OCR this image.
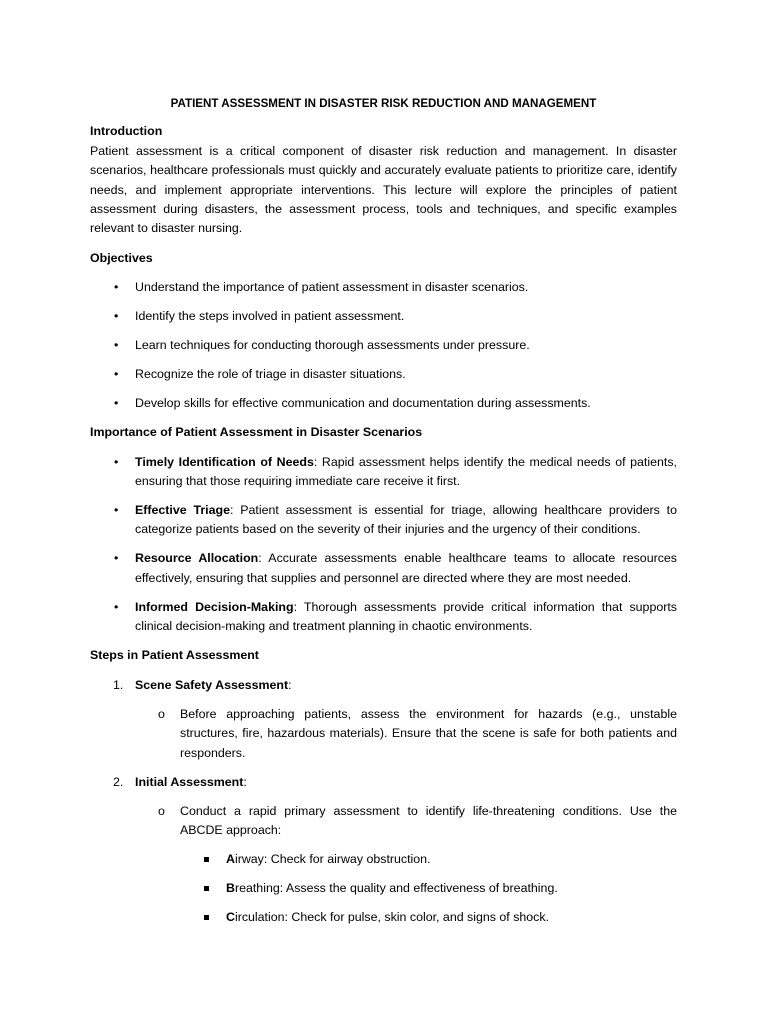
PATIENT ASSESSMENT IN DISASTER RISK REDUCTION AND MANAGEMENT

Introduction

Patient assessment is a critical component of disaster risk reduction and management. In disaster scenarios, healthcare professionals must quickly and accurately evaluate patients to prioritize care, identify needs, and implement appropriate interventions. This lecture will explore the principles of patient assessment during disasters, the assessment process, tools and techniques, and specific examples relevant to disaster nursing.

Objectives

• Understand the importance of patient assessment in disaster scenarios.
• Identify the steps involved in patient assessment.
• Learn techniques for conducting thorough assessments under pressure.
• Recognize the role of triage in disaster situations.
• Develop skills for effective communication and documentation during assessments.

Importance of Patient Assessment in Disaster Scenarios

• Timely Identification of Needs: Rapid assessment helps identify the medical needs of patients, ensuring that those requiring immediate care receive it first.
• Effective Triage: Patient assessment is essential for triage, allowing healthcare providers to categorize patients based on the severity of their injuries and the urgency of their conditions.
• Resource Allocation: Accurate assessments enable healthcare teams to allocate resources effectively, ensuring that supplies and personnel are directed where they are most needed.
• Informed Decision-Making: Thorough assessments provide critical information that supports clinical decision-making and treatment planning in chaotic environments.

Steps in Patient Assessment

1. Scene Safety Assessment:
o Before approaching patients, assess the environment for hazards (e.g., unstable structures, fire, hazardous materials). Ensure that the scene is safe for both patients and responders.
2. Initial Assessment:
o Conduct a rapid primary assessment to identify life-threatening conditions. Use the ABCDE approach:
Airway: Check for airway obstruction.
Breathing: Assess the quality and effectiveness of breathing.
Circulation: Check for pulse, skin color, and signs of shock.
